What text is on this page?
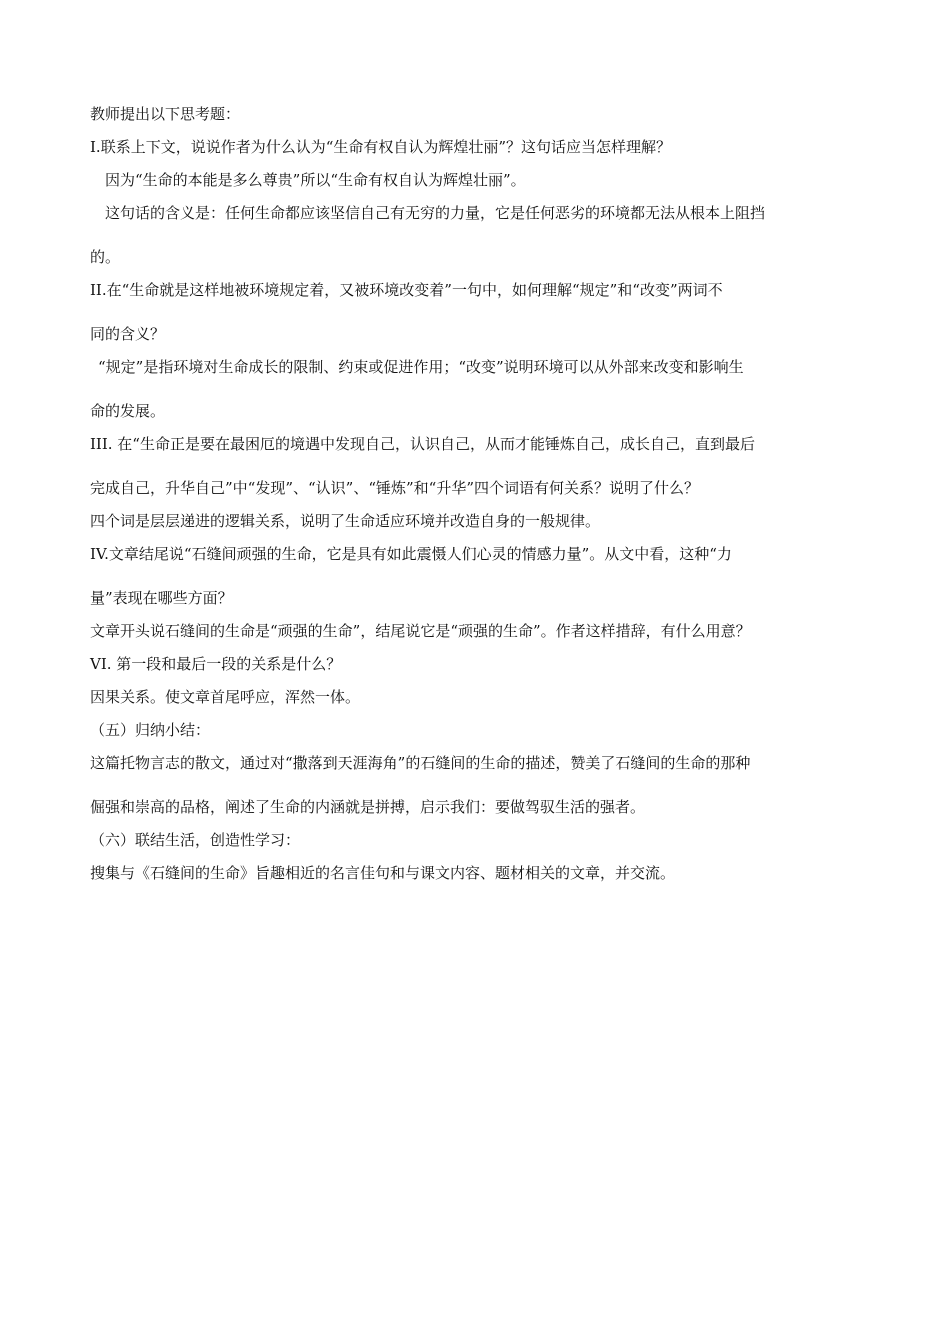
教师提出以下思考题：
I.联系上下文，说说作者为什么认为“生命有权自认为辉煌壮丽”？这句话应当怎样理解？
因为“生命的本能是多么尊贵”所以“生命有权自认为辉煌壮丽”。
这句话的含义是：任何生命都应该坚信自己有无穷的力量，它是任何恶劣的环境都无法从根本上阻挡
的。
II.在“生命就是这样地被环境规定着，又被环境改变着”一句中，如何理解“规定”和“改变”两词不
同的含义？
“规定”是指环境对生命成长的限制、约束或促进作用；“改变”说明环境可以从外部来改变和影响生
命的发展。
III. 在“生命正是要在最困厄的境遇中发现自己，认识自己，从而才能锤炼自己，成长自己，直到最后
完成自己，升华自己”中“发现”、“认识”、“锤炼”和“升华”四个词语有何关系？说明了什么？
四个词是层层递进的逻辑关系，说明了生命适应环境并改造自身的一般规律。
IV.文章结尾说“石缝间顽强的生命，它是具有如此震慑人们心灵的情感力量”。从文中看，这种“力
量”表现在哪些方面？
文章开头说石缝间的生命是“顽强的生命”，结尾说它是“顽强的生命”。作者这样措辞，有什么用意？
VI. 第一段和最后一段的关系是什么？
因果关系。使文章首尾呼应，浑然一体。
（五）归纳小结：
这篇托物言志的散文，通过对“撒落到天涯海角”的石缝间的生命的描述，赞美了石缝间的生命的那种
倔强和崇高的品格，阐述了生命的内涵就是拼搏，启示我们：要做驾驭生活的强者。
（六）联结生活，创造性学习：
搜集与《石缝间的生命》旨趣相近的名言佳句和与课文内容、题材相关的文章，并交流。
